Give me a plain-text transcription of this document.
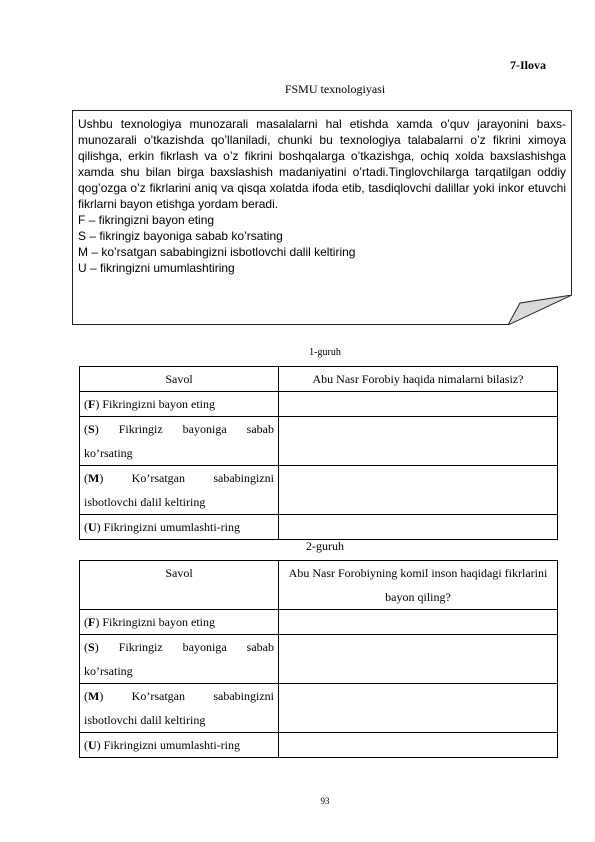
7-Ilova
FSMU texnologiyasi

Ushbu texnologiya munozarali masalalarni hal etishda xamda o’quv jarayonini baxs-munozarali o’tkazishda qo’llaniladi, chunki bu texnologiya talabalarni o’z fikrini ximoya qilishga, erkin fikrlash va o’z fikrini boshqalarga o’tkazishga, ochiq xolda baxslashishga xamda shu bilan birga baxslashish madaniyatini o’rtadi.Tinglovchilarga tarqatilgan oddiy qog’ozga o’z fikrlarini aniq va qisqa xolatda ifoda etib, tasdiqlovchi dalillar yoki inkor etuvchi fikrlarni bayon etishga yordam beradi.

F – fikringizni bayon eting

S – fikringiz bayoniga sabab ko’rsating

M – ko’rsatgan sababingizni isbotlovchi dalil keltiring

U – fikringizni umumlashtiring

1-guruh
Savol	Abu Nasr Forobiy haqida nimalarni bilasiz?
(F) Fikringizni bayon eting	
(S) Fikringiz bayoniga sabab ko’rsating	
(M) Ko’rsatgan sababingizni isbotlovchi dalil keltiring	
(U) Fikringizni umumlashti-ring	
2-guruh
Savol	Abu Nasr Forobiyning komil inson haqidagi fikrlarini bayon qiling?
(F) Fikringizni bayon eting	
(S) Fikringiz bayoniga sabab ko’rsating	
(M) Ko’rsatgan sababingizni isbotlovchi dalil keltiring	
(U) Fikringizni umumlashti-ring	
93
